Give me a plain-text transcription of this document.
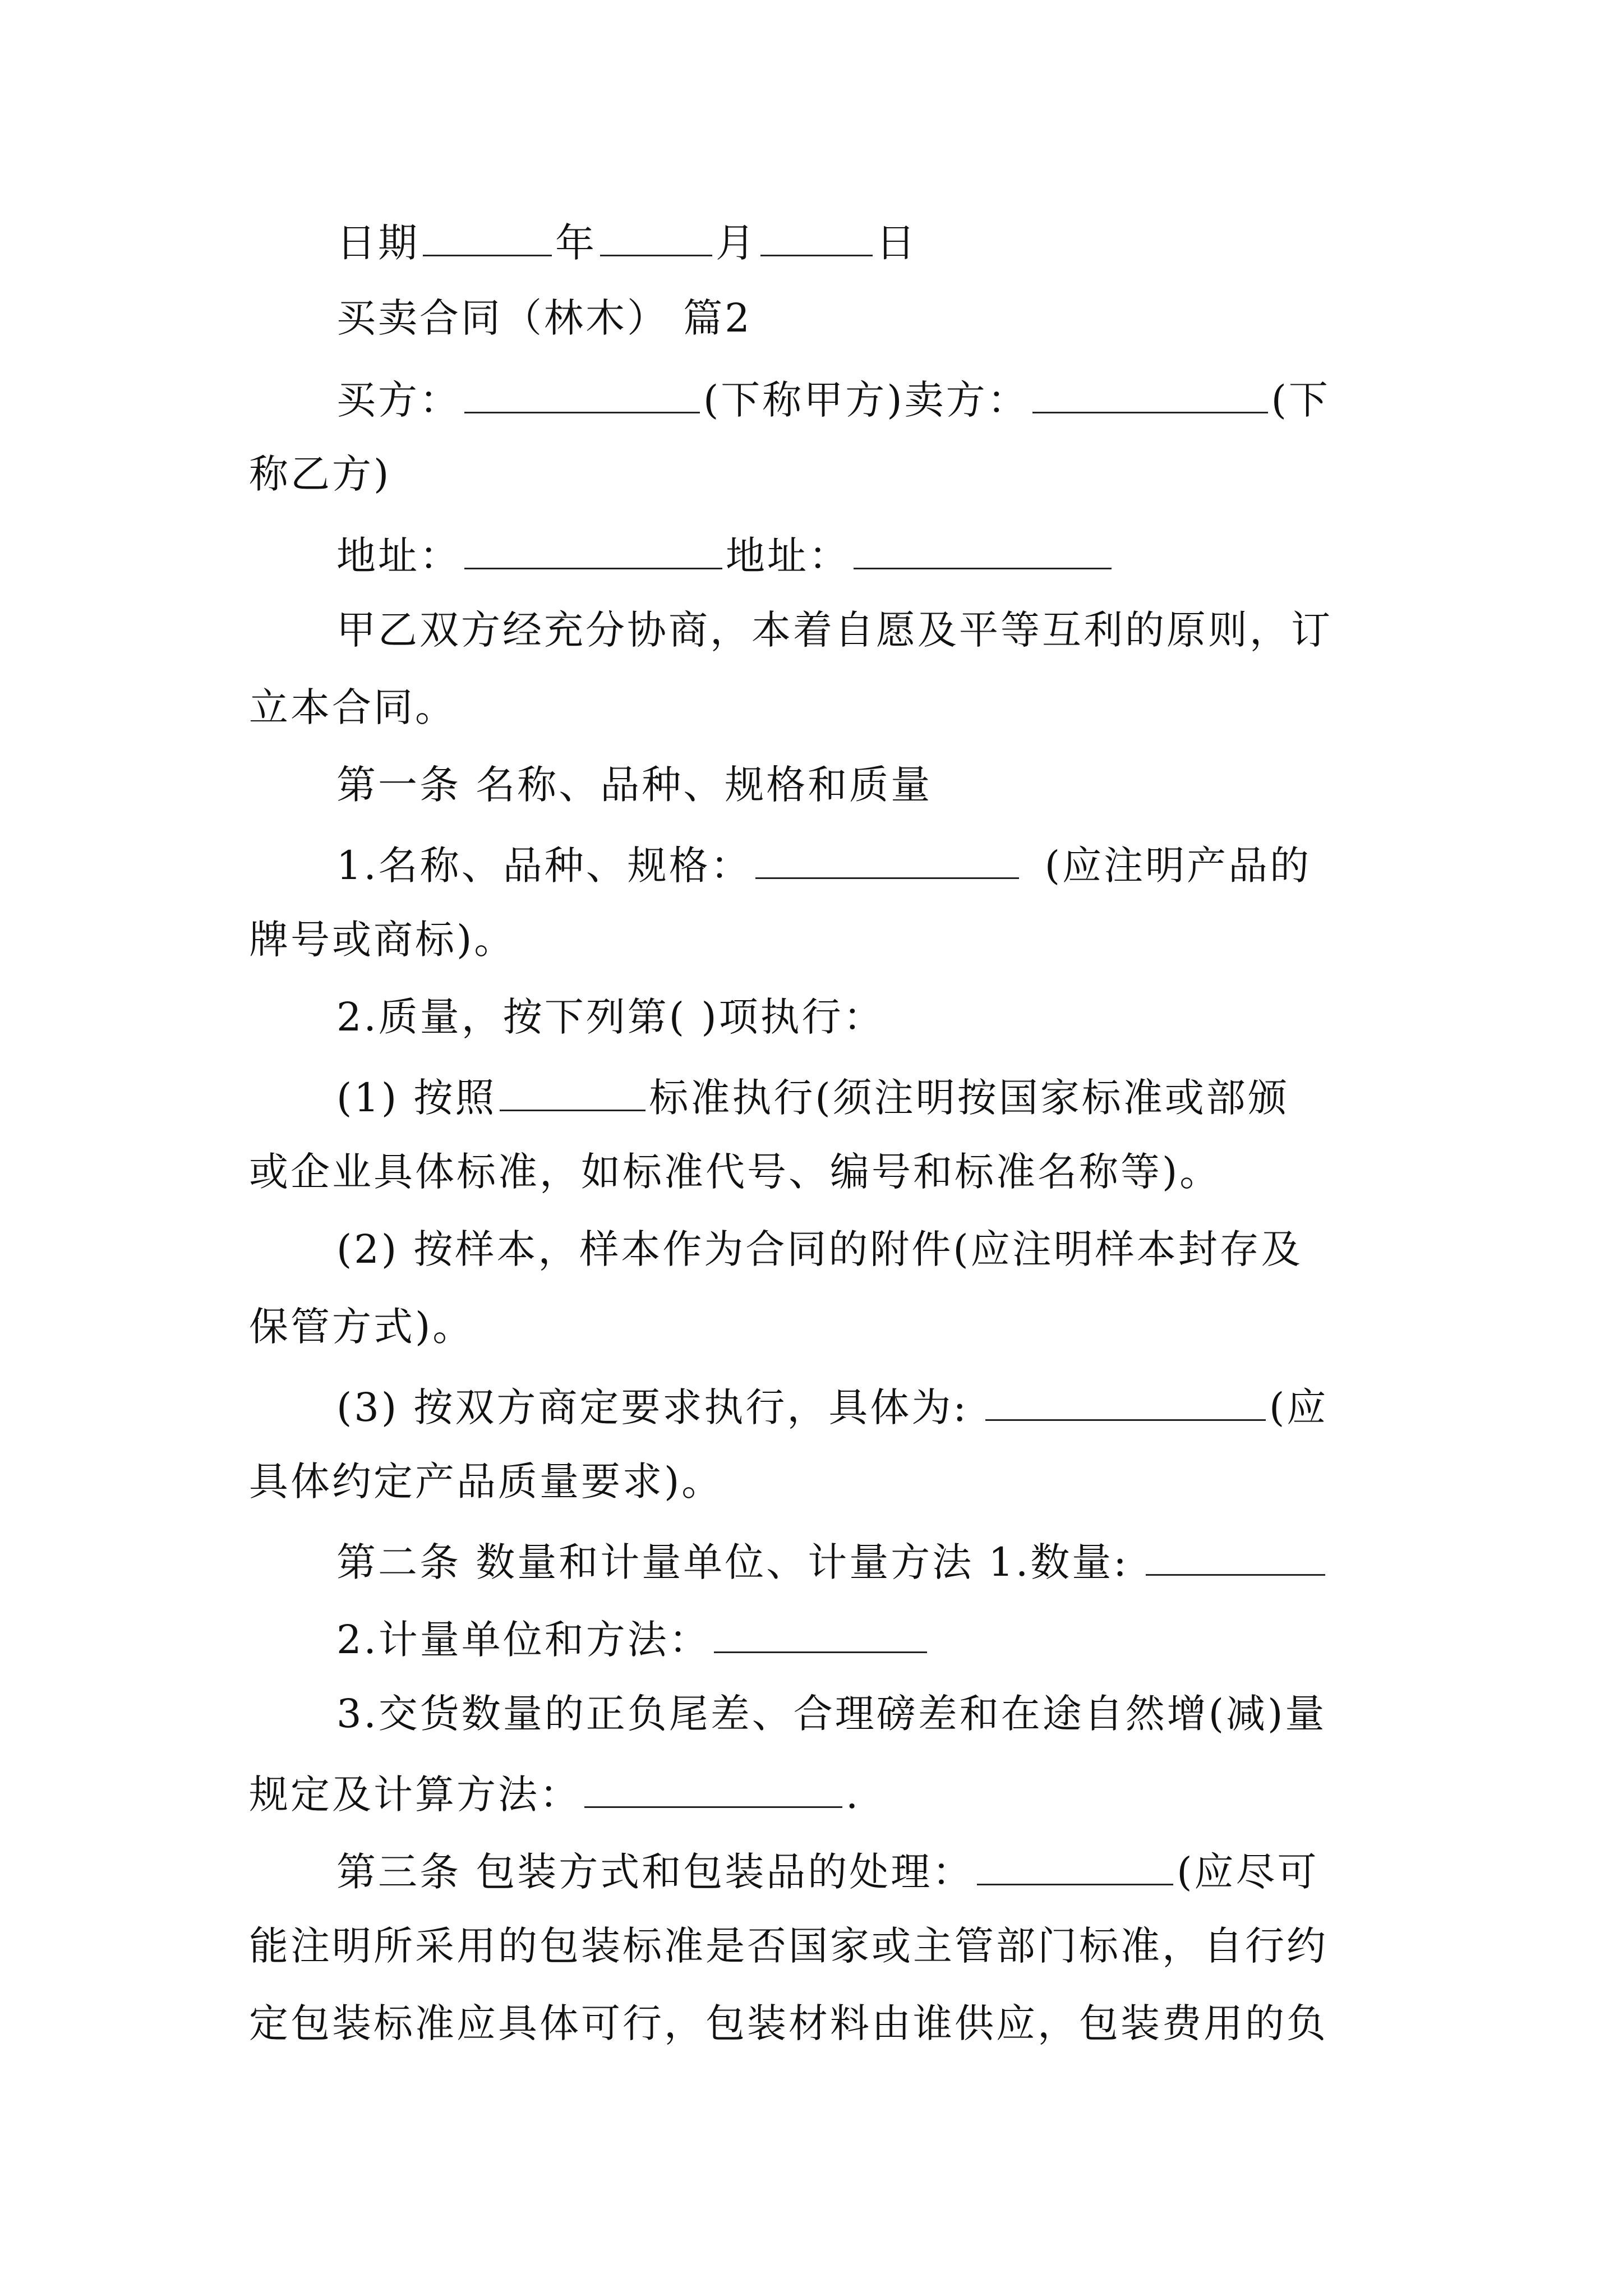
日期	年	月	日
买卖合同（林木） 篇2
买方：	(下称甲方)卖方：	(下
称乙方)
地址：	地址：
甲乙双方经充分协商，本着自愿及平等互利的原则，订
立本合同。
第一条 名称、品种、规格和质量
1.名称、品种、规格：	(应注明产品的
牌号或商标)。
2.质量，按下列第( )项执行：
(1) 按照	标准执行(须注明按国家标准或部颁
或企业具体标准，如标准代号、编号和标准名称等)。
(2) 按样本，样本作为合同的附件(应注明样本封存及
保管方式)。
(3) 按双方商定要求执行，具体为:	(应
具体约定产品质量要求)。
第二条 数量和计量单位、计量方法 1.数量:
2.计量单位和方法：
3.交货数量的正负尾差、合理磅差和在途自然增(减)量
规定及计算方法：	.
第三条 包装方式和包装品的处理：	(应尽可
能注明所采用的包装标准是否国家或主管部门标准，自行约
定包装标准应具体可行，包装材料由谁供应，包装费用的负
